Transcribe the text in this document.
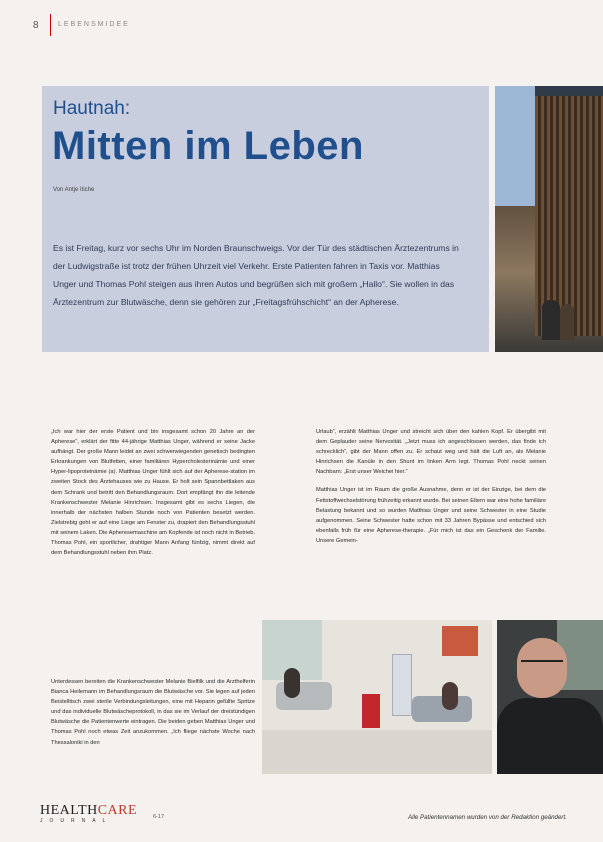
8	LEBENSMIDEE
Hautnah:
Mitten im Leben
Von Antje Itiche

Es ist Freitag, kurz vor sechs Uhr im Norden Braunschweigs. Vor der Tür des städtischen Ärztezentrums in der Ludwigstraße ist trotz der frühen Uhrzeit viel Verkehr. Erste Patienten fahren in Taxis vor. Matthias Unger und Thomas Pohl steigen aus ihren Autos und begrüßen sich mit großem „Hallo“. Sie wollen in das Ärztezentrum zur Blutwäsche, denn sie gehören zur „Freitagsfrühschicht“ an der Apherese.

„Ich war hier der erste Patient und bin insgesamt schon 20 Jahre an der Apherese“, erklärt der fitte 44-jährige Matthias Unger, während er seine Jacke aufhängt. Der große Mann leidet an zwei schwerwiegenden genetisch bedingten Erkrankungen von Blutfetten, einer familiären Hypercholesterinämie und einer Hyper-lipoproteinämie (a). Matthias Unger fühlt sich auf der Apherese-station im zweiten Stock des Ärztehauses wie zu Hause. Er holt sein Spannbettlaken aus dem Schrank und betritt den Behandlungsraum. Dort empfängt ihn die leitende Krankenschwester Melanie Hinrichsen. Insgesamt gibt es sechs Liegen, die innerhalb der nächsten halben Stunde noch von Patienten besetzt werden. Zielstrebig geht er auf eine Liege am Fenster zu, drapiert den Behandlungsstuhl mit seinem Laken. Die Apheresemaschine am Kopfende ist noch nicht in Betrieb. Thomas Pohl, ein sportlicher, drahtiger Mann Anfang fünfzig, nimmt direkt auf dem Behandlungsstuhl neben ihm Platz.

Unterdessen bereiten die Krankenschwester Melanie Bielfilk und die Arzthelferin Bianca Heilemann im Behandlungsraum die Blutwäsche vor. Sie legen auf jeden Beistelltisch zwei sterile Verbindungsleitungen, eine mit Heparin gefüllte Spritze und das individuelle Blutwäscheprotokoll, in das sie im Verlauf der dreistündigen Blutwäsche die Patientenwerte eintragen. Die beiden geben Matthias Unger und Thomas Pohl noch etwas Zeit anzukommen. „Ich fliege nächste Woche nach Thessaloniki in den

Urlaub“, erzählt Matthias Unger und streicht sich über den kahlen Kopf. Er übergibt mit dem Geplauder seine Nervosität. „Jetzt muss ich angeschlossen werden, das finde ich schrecklich“, gibt der Mann offen zu. Er schaut weg und hält die Luft an, als Melanie Hinrichsen die Kanüle in den Shunt im linken Arm legt. Thomas Pohl neckt seinen Nachbarn: „Erst unser Weichei hier.“

Matthias Unger ist im Raum die große Ausnahme, denn er ist der Einzige, bei dem die Fettstoffwechselstörung frühzeitig erkannt wurde. Bei seinen Eltern war eine hohe familiäre Belastung bekannt und so wurden Matthias Unger und seine Schwester in eine Studie aufgenommen. Seine Schwester hatte schon mit 33 Jahren Bypässe und entschied sich ebenfalls früh für eine Apherese-therapie. „Für mich ist das ein Geschenk der Familie. Unsere Gemein-

HEALTHCARE
JOURNAL
6-17	Alle Patientennamen wurden von der Redaktion geändert.
